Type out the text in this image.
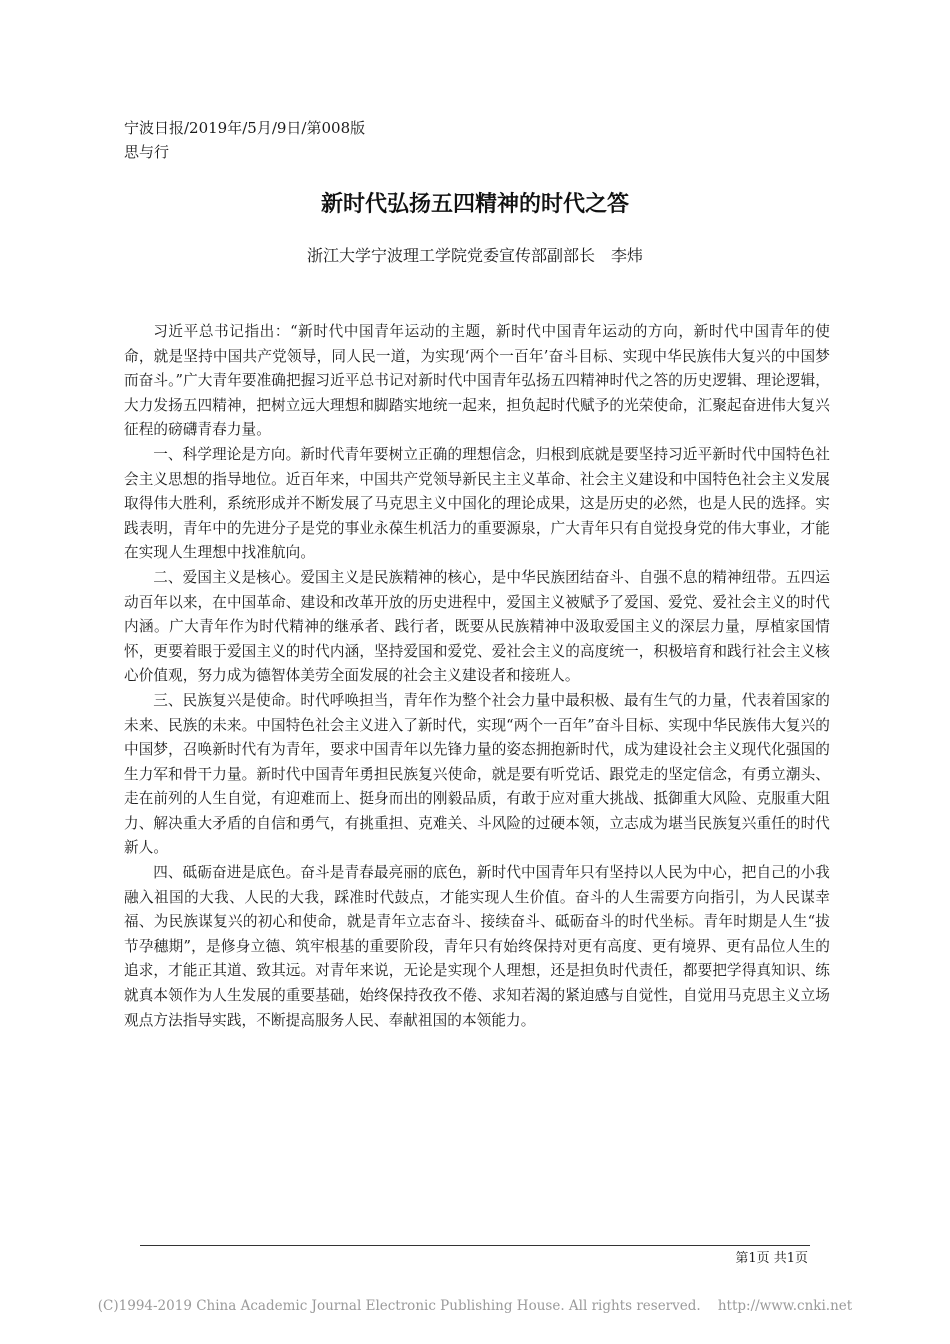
宁波日报/2019年/5月/9日/第008版

思与行

新时代弘扬五四精神的时代之答

浙江大学宁波理工学院党委宣传部副部长 李炜

习近平总书记指出：“新时代中国青年运动的主题，新时代中国青年运动的方向，新时代中国青年的使命，就是坚持中国共产党领导，同人民一道，为实现‘两个一百年’奋斗目标、实现中华民族伟大复兴的中国梦而奋斗。”广大青年要准确把握习近平总书记对新时代中国青年弘扬五四精神时代之答的历史逻辑、理论逻辑，大力发扬五四精神，把树立远大理想和脚踏实地统一起来，担负起时代赋予的光荣使命，汇聚起奋进伟大复兴征程的磅礴青春力量。

一、科学理论是方向。新时代青年要树立正确的理想信念，归根到底就是要坚持习近平新时代中国特色社会主义思想的指导地位。近百年来，中国共产党领导新民主主义革命、社会主义建设和中国特色社会主义发展取得伟大胜利，系统形成并不断发展了马克思主义中国化的理论成果，这是历史的必然，也是人民的选择。实践表明，青年中的先进分子是党的事业永葆生机活力的重要源泉，广大青年只有自觉投身党的伟大事业，才能在实现人生理想中找准航向。

二、爱国主义是核心。爱国主义是民族精神的核心，是中华民族团结奋斗、自强不息的精神纽带。五四运动百年以来，在中国革命、建设和改革开放的历史进程中，爱国主义被赋予了爱国、爱党、爱社会主义的时代内涵。广大青年作为时代精神的继承者、践行者，既要从民族精神中汲取爱国主义的深层力量，厚植家国情怀，更要着眼于爱国主义的时代内涵，坚持爱国和爱党、爱社会主义的高度统一，积极培育和践行社会主义核心价值观，努力成为德智体美劳全面发展的社会主义建设者和接班人。

三、民族复兴是使命。时代呼唤担当，青年作为整个社会力量中最积极、最有生气的力量，代表着国家的未来、民族的未来。中国特色社会主义进入了新时代，实现“两个一百年”奋斗目标、实现中华民族伟大复兴的中国梦，召唤新时代有为青年，要求中国青年以先锋力量的姿态拥抱新时代，成为建设社会主义现代化强国的生力军和骨干力量。新时代中国青年勇担民族复兴使命，就是要有听党话、跟党走的坚定信念，有勇立潮头、走在前列的人生自觉，有迎难而上、挺身而出的刚毅品质，有敢于应对重大挑战、抵御重大风险、克服重大阻力、解决重大矛盾的自信和勇气，有挑重担、克难关、斗风险的过硬本领，立志成为堪当民族复兴重任的时代新人。

四、砥砺奋进是底色。奋斗是青春最亮丽的底色，新时代中国青年只有坚持以人民为中心，把自己的小我融入祖国的大我、人民的大我，踩准时代鼓点，才能实现人生价值。奋斗的人生需要方向指引，为人民谋幸福、为民族谋复兴的初心和使命，就是青年立志奋斗、接续奋斗、砥砺奋斗的时代坐标。青年时期是人生“拔节孕穗期”，是修身立德、筑牢根基的重要阶段，青年只有始终保持对更有高度、更有境界、更有品位人生的追求，才能正其道、致其远。对青年来说，无论是实现个人理想，还是担负时代责任，都要把学得真知识、练就真本领作为人生发展的重要基础，始终保持孜孜不倦、求知若渴的紧迫感与自觉性，自觉用马克思主义立场观点方法指导实践，不断提高服务人民、奉献祖国的本领能力。

第1页 共1页

(C)1994-2019 China Academic Journal Electronic Publishing House. All rights reserved.    http://www.cnki.net
